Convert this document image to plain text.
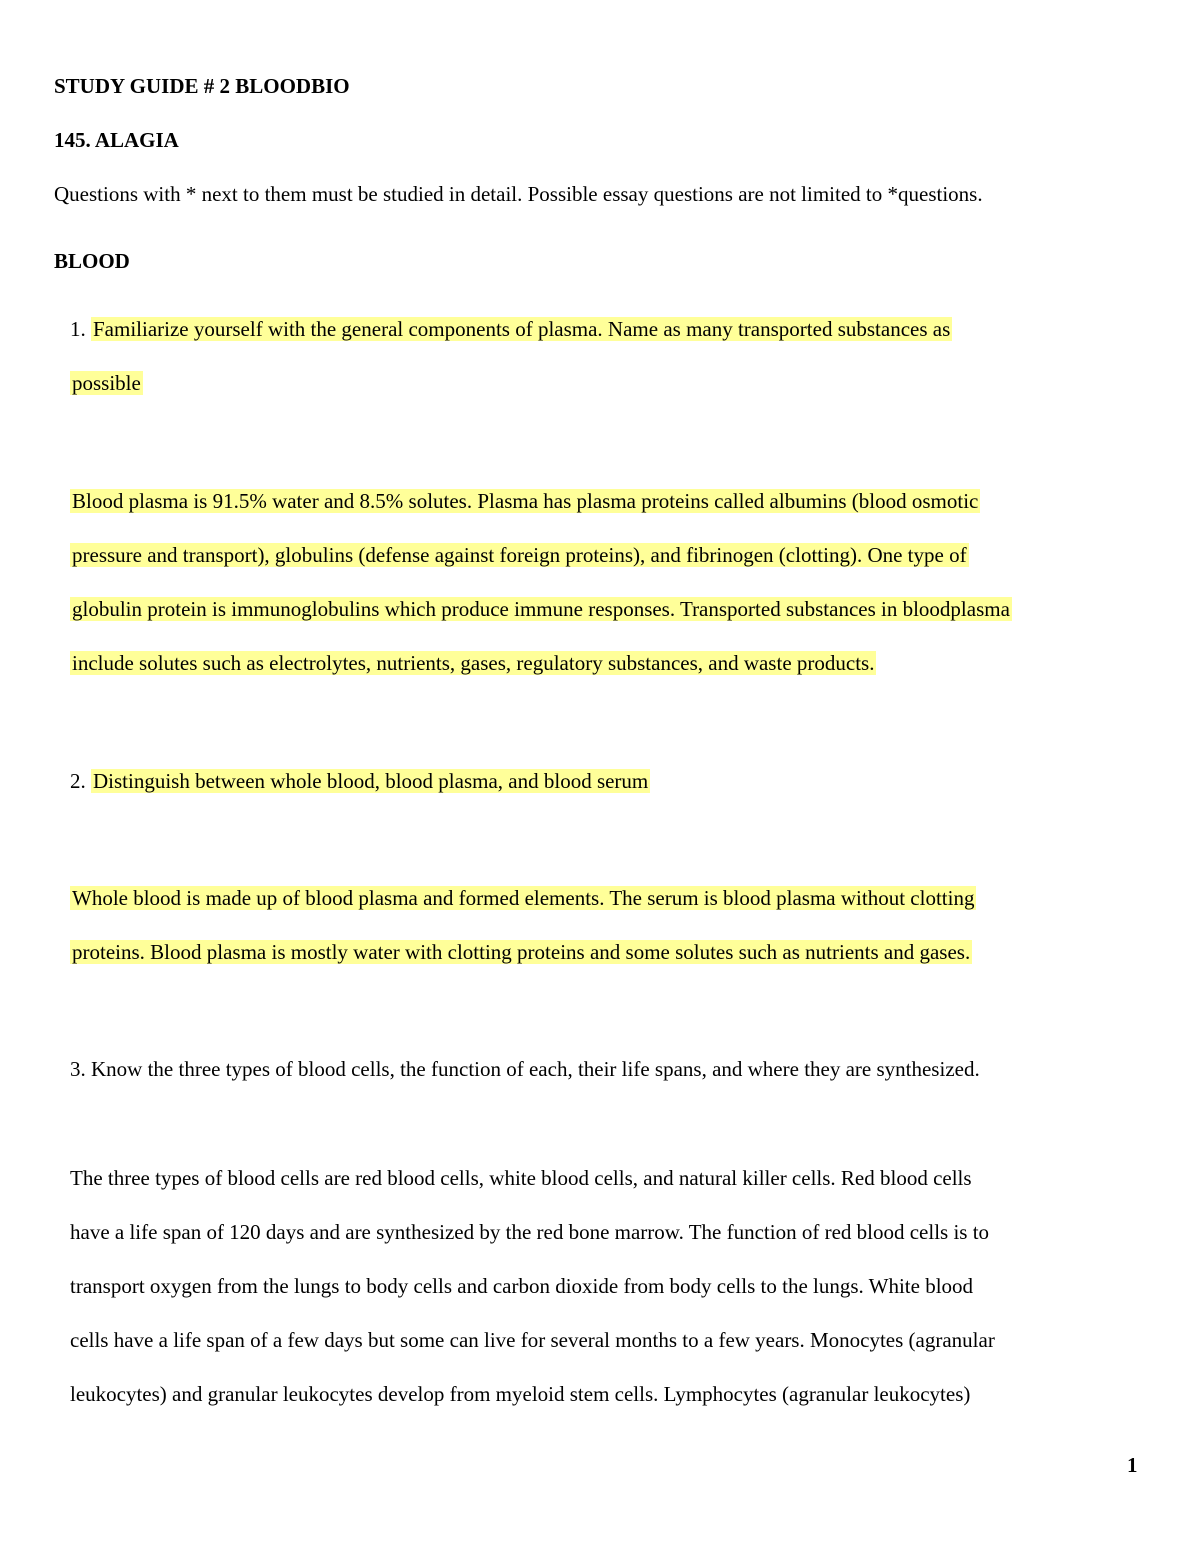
STUDY GUIDE # 2 BLOODBIO
145. ALAGIA
Questions with * next to them must be studied in detail. Possible essay questions are not limited to *questions.
BLOOD
1. Familiarize yourself with the general components of plasma. Name as many transported substances as
possible
Blood plasma is 91.5% water and 8.5% solutes. Plasma has plasma proteins called albumins (blood osmotic
pressure and transport), globulins (defense against foreign proteins), and fibrinogen (clotting). One type of
globulin protein is immunoglobulins which produce immune responses. Transported substances in bloodplasma
include solutes such as electrolytes, nutrients, gases, regulatory substances, and waste products.
2. Distinguish between whole blood, blood plasma, and blood serum
Whole blood is made up of blood plasma and formed elements. The serum is blood plasma without clotting
proteins. Blood plasma is mostly water with clotting proteins and some solutes such as nutrients and gases.
3. Know the three types of blood cells, the function of each, their life spans, and where they are synthesized.
The three types of blood cells are red blood cells, white blood cells, and natural killer cells. Red blood cells
have a life span of 120 days and are synthesized by the red bone marrow. The function of red blood cells is to
transport oxygen from the lungs to body cells and carbon dioxide from body cells to the lungs. White blood
cells have a life span of a few days but some can live for several months to a few years. Monocytes (agranular
leukocytes) and granular leukocytes develop from myeloid stem cells. Lymphocytes (agranular leukocytes)
1
